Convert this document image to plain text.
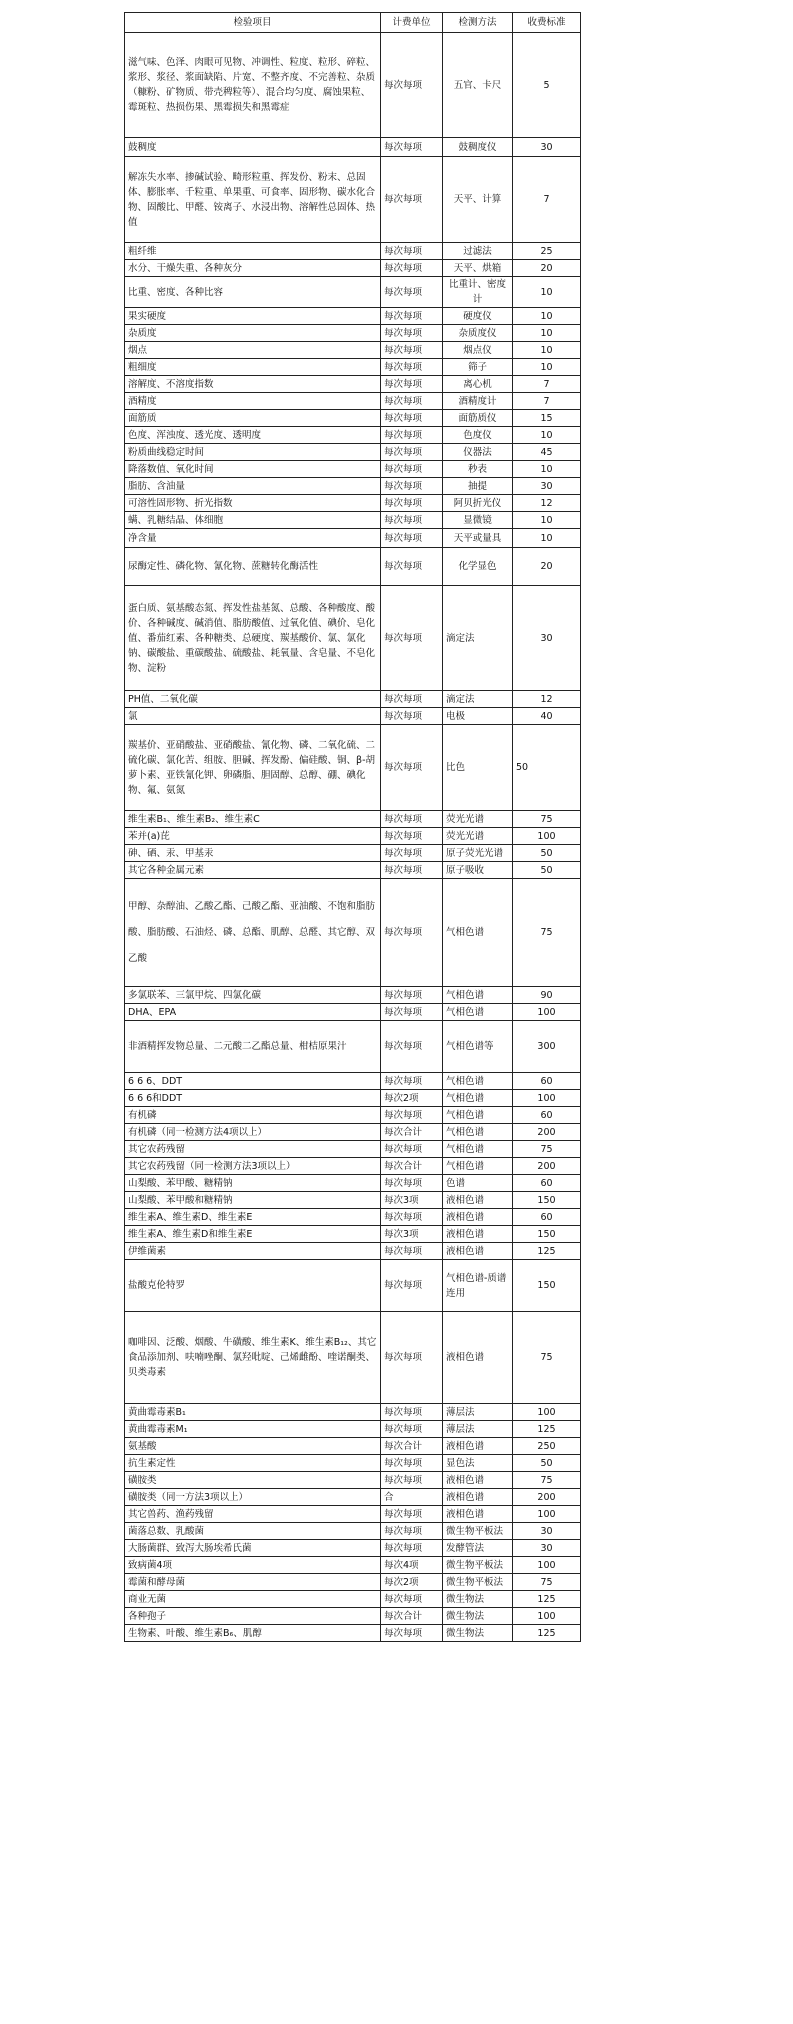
检验项目	计费单位	检测方法	收费标准
滋气味、色泽、肉眼可见物、冲调性、粒度、粒形、碎粒、浆形、浆径、浆面缺陷、片宽、不整齐度、不完善粒、杂质（糠粉、矿物质、带壳稗粒等）、混合均匀度、腐蚀果粒、霉斑粒、热损伤果、黑霉损失和黑霉症	每次每项	五官、卡尺	5
鼓稠度	每次每项	鼓稠度仪	30
解冻失水率、掺碱试验、畸形粒重、挥发份、粉末、总固体、膨胀率、千粒重、单果重、可食率、固形物、碳水化合物、固酸比、甲醛、铵离子、水浸出物、溶解性总固体、热值	每次每项	天平、计算	7
粗纤维	每次每项	过滤法	25
水分、干燥失重、各种灰分	每次每项	天平、烘箱	20
比重、密度、各种比容	每次每项	比重计、密度计	10
果实硬度	每次每项	硬度仪	10
杂质度	每次每项	杂质度仪	10
烟点	每次每项	烟点仪	10
粗细度	每次每项	筛子	10
溶解度、不溶度指数	每次每项	离心机	7
酒精度	每次每项	酒精度计	7
面筋质	每次每项	面筋质仪	15
色度、浑浊度、透光度、透明度	每次每项	色度仪	10
粉质曲线稳定时间	每次每项	仪器法	45
降落数值、氧化时间	每次每项	秒表	10
脂肪、含油量	每次每项	抽提	30
可溶性固形物、折光指数	每次每项	阿贝折光仪	12
螨、乳糖结晶、体细胞	每次每项	显微镜	10
净含量	每次每项	天平或量具	10
尿酶定性、磷化物、氰化物、蔗糖转化酶活性	每次每项	化学显色	20
蛋白质、氨基酸态氮、挥发性盐基氮、总酸、各种酸度、酸价、各种碱度、碱消值、脂肪酸值、过氧化值、碘价、皂化值、番茄红素、各种糖类、总硬度、羰基酸价、氯、氯化钠、碳酸盐、重碳酸盐、硫酸盐、耗氧量、含皂量、不皂化物、淀粉	每次每项	滴定法	30
PH值、二氧化碳	每次每项	滴定法	12
氯	每次每项	电极	40
羰基价、亚硝酸盐、亚硝酸盐、氰化物、磷、二氧化硫、二硫化碳、氯化苦、组胺、胆碱、挥发酚、偏硅酸、铜、β-胡萝卜素、亚铁氰化钾、卵磷脂、胆固醇、总醇、硼、碘化物、氟、氨氮	每次每项	比色	50
维生素B₁、维生素B₂、维生素C	每次每项	荧光光谱	75
苯并(a)芘	每次每项	荧光光谱	100
砷、硒、汞、甲基汞	每次每项	原子荧光光谱	50
其它各种金属元素	每次每项	原子吸收	50
甲醇、杂醇油、乙酸乙酯、己酸乙酯、亚油酸、不饱和脂肪酸、脂肪酸、石油烃、磷、总酯、肌醇、总醛、其它醇、双乙酸	每次每项	气相色谱	75
多氯联苯、三氯甲烷、四氯化碳	每次每项	气相色谱	90
DHA、EPA	每次每项	气相色谱	100
非酒精挥发物总量、二元酸二乙酯总量、柑桔原果汁	每次每项	气相色谱等	300
6 6 6、DDT	每次每项	气相色谱	60
6 6 6和DDT	每次2项	气相色谱	100
有机磷	每次每项	气相色谱	60
有机磷（同一检测方法4项以上）	每次合计	气相色谱	200
其它农药残留	每次每项	气相色谱	75
其它农药残留（同一检测方法3项以上）	每次合计	气相色谱	200
山梨酸、苯甲酸、糖精钠	每次每项	色谱	60
山梨酸、苯甲酸和糖精钠	每次3项	液相色谱	150
维生素A、维生素D、维生素E	每次每项	液相色谱	60
维生素A、维生素D和维生素E	每次3项	液相色谱	150
伊维菌素	每次每项	液相色谱	125
盐酸克伦特罗	每次每项	气相色谱-质谱连用	150
咖啡因、泛酸、烟酸、牛磺酸、维生素K、维生素B₁₂、其它食品添加剂、呋喃唑酮、氯羟吡啶、己烯雌酚、喹诺酮类、贝类毒素	每次每项	液相色谱	75
黄曲霉毒素B₁	每次每项	薄层法	100
黄曲霉毒素M₁	每次每项	薄层法	125
氨基酸	每次合计	液相色谱	250
抗生素定性	每次每项	显色法	50
磺胺类	每次每项	液相色谱	75
磺胺类（同一方法3项以上）	合	液相色谱	200
其它兽药、渔药残留	每次每项	液相色谱	100
菌落总数、乳酸菌	每次每项	微生物平板法	30
大肠菌群、致泻大肠埃希氏菌	每次每项	发酵管法	30
致病菌4项	每次4项	微生物平板法	100
霉菌和酵母菌	每次2项	微生物平板法	75
商业无菌	每次每项	微生物法	125
各种孢子	每次合计	微生物法	100
生物素、叶酸、维生素B₆、肌醇	每次每项	微生物法	125
